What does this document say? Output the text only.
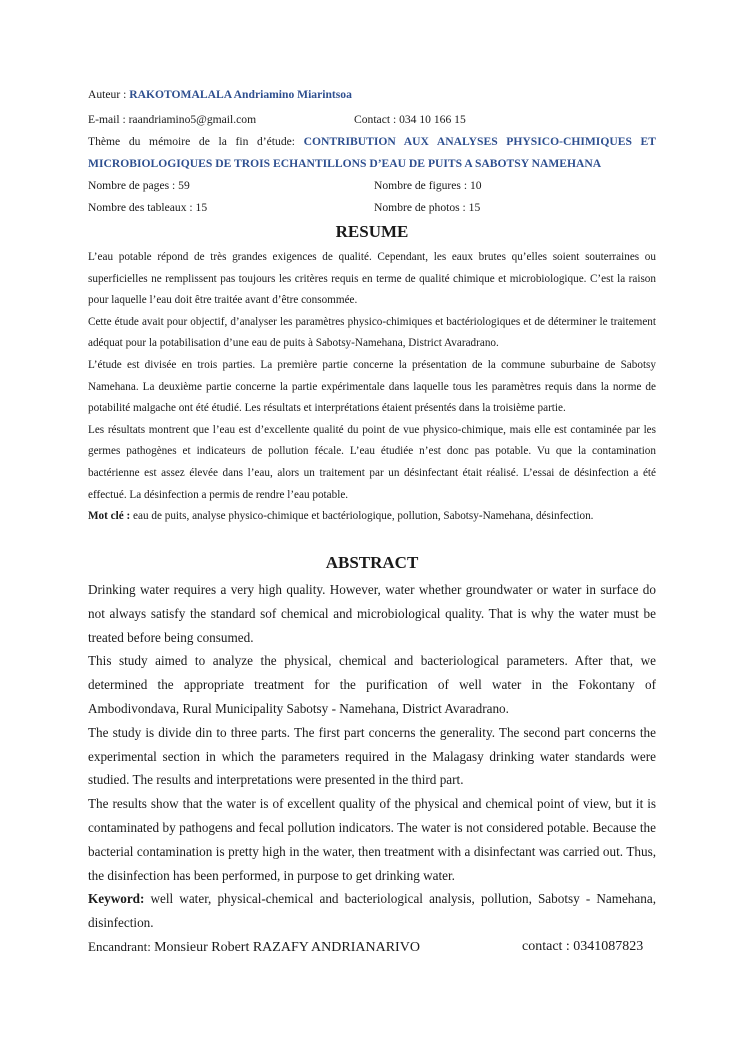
Auteur : RAKOTOMALALA Andriamino Miarintsoa
E-mail : raandriamino5@gmail.com	Contact : 034 10 166 15
Thème du mémoire de la fin d’étude: CONTRIBUTION AUX ANALYSES PHYSICO-CHIMIQUES ET
MICROBIOLOGIQUES DE TROIS ECHANTILLONS D’EAU DE PUITS A SABOTSY NAMEHANA
Nombre de pages : 59	Nombre de figures : 10
Nombre des tableaux : 15	Nombre de photos : 15
RESUME

L’eau potable répond de très grandes exigences de qualité. Cependant, les eaux brutes qu’elles soient souterraines ou superficielles ne remplissent pas toujours les critères requis en terme de qualité chimique et microbiologique. C’est la raison pour laquelle l’eau doit être traitée avant d’être consommée.

Cette étude avait pour objectif, d’analyser les paramètres physico-chimiques et bactériologiques et de déterminer le traitement adéquat pour la potabilisation d’une eau de puits à Sabotsy-Namehana, District Avaradrano.

L’étude est divisée en trois parties. La première partie concerne la présentation de la commune suburbaine de Sabotsy Namehana. La deuxième partie concerne la partie expérimentale dans laquelle tous les paramètres requis dans la norme de potabilité malgache ont été étudié. Les résultats et interprétations étaient présentés dans la troisième partie.

Les résultats montrent que l’eau est d’excellente qualité du point de vue physico-chimique, mais elle est contaminée par les germes pathogènes et indicateurs de pollution fécale. L’eau étudiée n’est donc pas potable. Vu que la contamination bactérienne est assez élevée dans l’eau, alors un traitement par un désinfectant était réalisé. L’essai de désinfection a été effectué. La désinfection a permis de rendre l’eau potable.

Mot clé : eau de puits, analyse physico-chimique et bactériologique, pollution, Sabotsy-Namehana, désinfection.

ABSTRACT

Drinking water requires a very high quality. However, water whether groundwater or water in surface do not always satisfy the standard sof chemical and microbiological quality. That is why the water must be treated before being consumed.

This study aimed to analyze the physical, chemical and bacteriological parameters. After that, we determined the appropriate treatment for the purification of well water in the Fokontany of Ambodivondava, Rural Municipality Sabotsy - Namehana, District Avaradrano.

The study is divide din to three parts. The first part concerns the generality. The second part concerns the experimental section in which the parameters required in the Malagasy drinking water standards were studied. The results and interpretations were presented in the third part.

The results show that the water is of excellent quality of the physical and chemical point of view, but it is contaminated by pathogens and fecal pollution indicators. The water is not considered potable. Because the bacterial contamination is pretty high in the water, then treatment with a disinfectant was carried out. Thus, the disinfection has been performed, in purpose to get drinking water.

Keyword: well water, physical-chemical and bacteriological analysis, pollution, Sabotsy - Namehana, disinfection.

Encandrant: Monsieur Robert RAZAFY ANDRIANARIVO	contact : 0341087823
